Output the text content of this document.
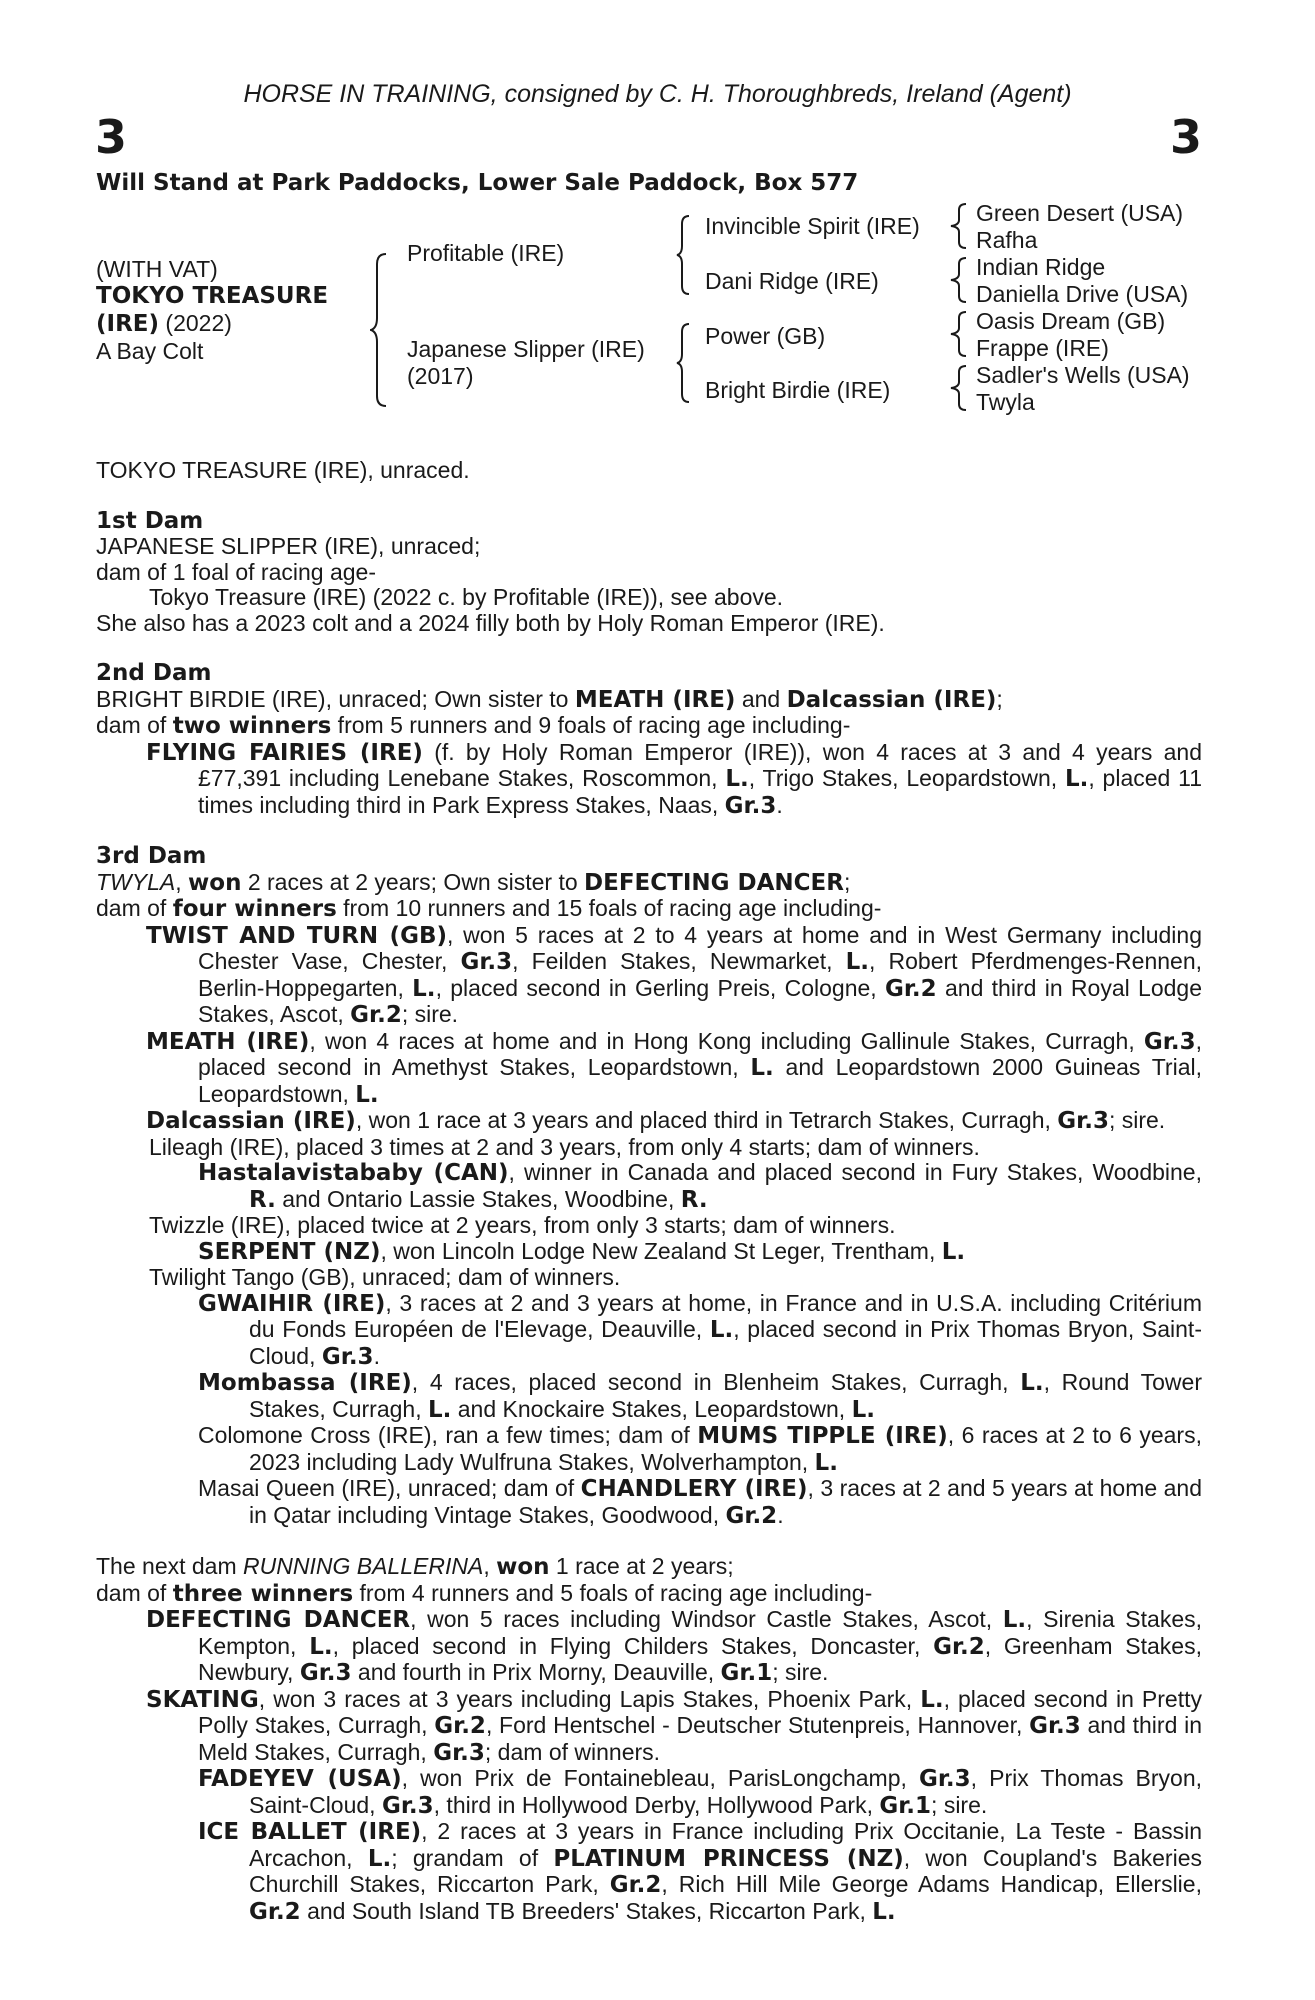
HORSE IN TRAINING, consigned by C. H. Thoroughbreds, Ireland (Agent)
3	3
Will Stand at Park Paddocks, Lower Sale Paddock, Box 577
(WITH VAT)
TOKYO TREASURE
(IRE) (2022)
A Bay Colt
Profitable (IRE)
Japanese Slipper (IRE)
(2017)
Invincible Spirit (IRE)
Dani Ridge (IRE)
Power (GB)
Bright Birdie (IRE)
Green Desert (USA)
Rafha
Indian Ridge
Daniella Drive (USA)
Oasis Dream (GB)
Frappe (IRE)
Sadler's Wells (USA)
Twyla

TOKYO TREASURE (IRE), unraced.

1st Dam

JAPANESE SLIPPER (IRE), unraced;

dam of 1 foal of racing age-

Tokyo Treasure (IRE) (2022 c. by Profitable (IRE)), see above.

She also has a 2023 colt and a 2024 filly both by Holy Roman Emperor (IRE).

2nd Dam

BRIGHT BIRDIE (IRE), unraced; Own sister to MEATH (IRE) and Dalcassian (IRE);

dam of two winners from 5 runners and 9 foals of racing age including-

FLYING FAIRIES (IRE) (f. by Holy Roman Emperor (IRE)), won 4 races at 3 and 4 years and £77,391 including Lenebane Stakes, Roscommon, L., Trigo Stakes, Leopardstown, L., placed 11 times including third in Park Express Stakes, Naas, Gr.3.

3rd Dam

TWYLA, won 2 races at 2 years; Own sister to DEFECTING DANCER;

dam of four winners from 10 runners and 15 foals of racing age including-

TWIST AND TURN (GB), won 5 races at 2 to 4 years at home and in West Germany including Chester Vase, Chester, Gr.3, Feilden Stakes, Newmarket, L., Robert Pferdmenges-Rennen, Berlin-Hoppegarten, L., placed second in Gerling Preis, Cologne, Gr.2 and third in Royal Lodge Stakes, Ascot, Gr.2; sire.

MEATH (IRE), won 4 races at home and in Hong Kong including Gallinule Stakes, Curragh, Gr.3, placed second in Amethyst Stakes, Leopardstown, L. and Leopardstown 2000 Guineas Trial, Leopardstown, L.

Dalcassian (IRE), won 1 race at 3 years and placed third in Tetrarch Stakes, Curragh, Gr.3; sire.

Lileagh (IRE), placed 3 times at 2 and 3 years, from only 4 starts; dam of winners.

Hastalavistababy (CAN), winner in Canada and placed second in Fury Stakes, Woodbine, R. and Ontario Lassie Stakes, Woodbine, R.

Twizzle (IRE), placed twice at 2 years, from only 3 starts; dam of winners.

SERPENT (NZ), won Lincoln Lodge New Zealand St Leger, Trentham, L.

Twilight Tango (GB), unraced; dam of winners.

GWAIHIR (IRE), 3 races at 2 and 3 years at home, in France and in U.S.A. including Critérium du Fonds Européen de l'Elevage, Deauville, L., placed second in Prix Thomas Bryon, Saint-Cloud, Gr.3.

Mombassa (IRE), 4 races, placed second in Blenheim Stakes, Curragh, L., Round Tower Stakes, Curragh, L. and Knockaire Stakes, Leopardstown, L.

Colomone Cross (IRE), ran a few times; dam of MUMS TIPPLE (IRE), 6 races at 2 to 6 years, 2023 including Lady Wulfruna Stakes, Wolverhampton, L.

Masai Queen (IRE), unraced; dam of CHANDLERY (IRE), 3 races at 2 and 5 years at home and in Qatar including Vintage Stakes, Goodwood, Gr.2.

The next dam RUNNING BALLERINA, won 1 race at 2 years;

dam of three winners from 4 runners and 5 foals of racing age including-

DEFECTING DANCER, won 5 races including Windsor Castle Stakes, Ascot, L., Sirenia Stakes, Kempton, L., placed second in Flying Childers Stakes, Doncaster, Gr.2, Greenham Stakes, Newbury, Gr.3 and fourth in Prix Morny, Deauville, Gr.1; sire.

SKATING, won 3 races at 3 years including Lapis Stakes, Phoenix Park, L., placed second in Pretty Polly Stakes, Curragh, Gr.2, Ford Hentschel - Deutscher Stutenpreis, Hannover, Gr.3 and third in Meld Stakes, Curragh, Gr.3; dam of winners.

FADEYEV (USA), won Prix de Fontainebleau, ParisLongchamp, Gr.3, Prix Thomas Bryon, Saint-Cloud, Gr.3, third in Hollywood Derby, Hollywood Park, Gr.1; sire.

ICE BALLET (IRE), 2 races at 3 years in France including Prix Occitanie, La Teste - Bassin Arcachon, L.; grandam of PLATINUM PRINCESS (NZ), won Coupland's Bakeries Churchill Stakes, Riccarton Park, Gr.2, Rich Hill Mile George Adams Handicap, Ellerslie, Gr.2 and South Island TB Breeders' Stakes, Riccarton Park, L.
